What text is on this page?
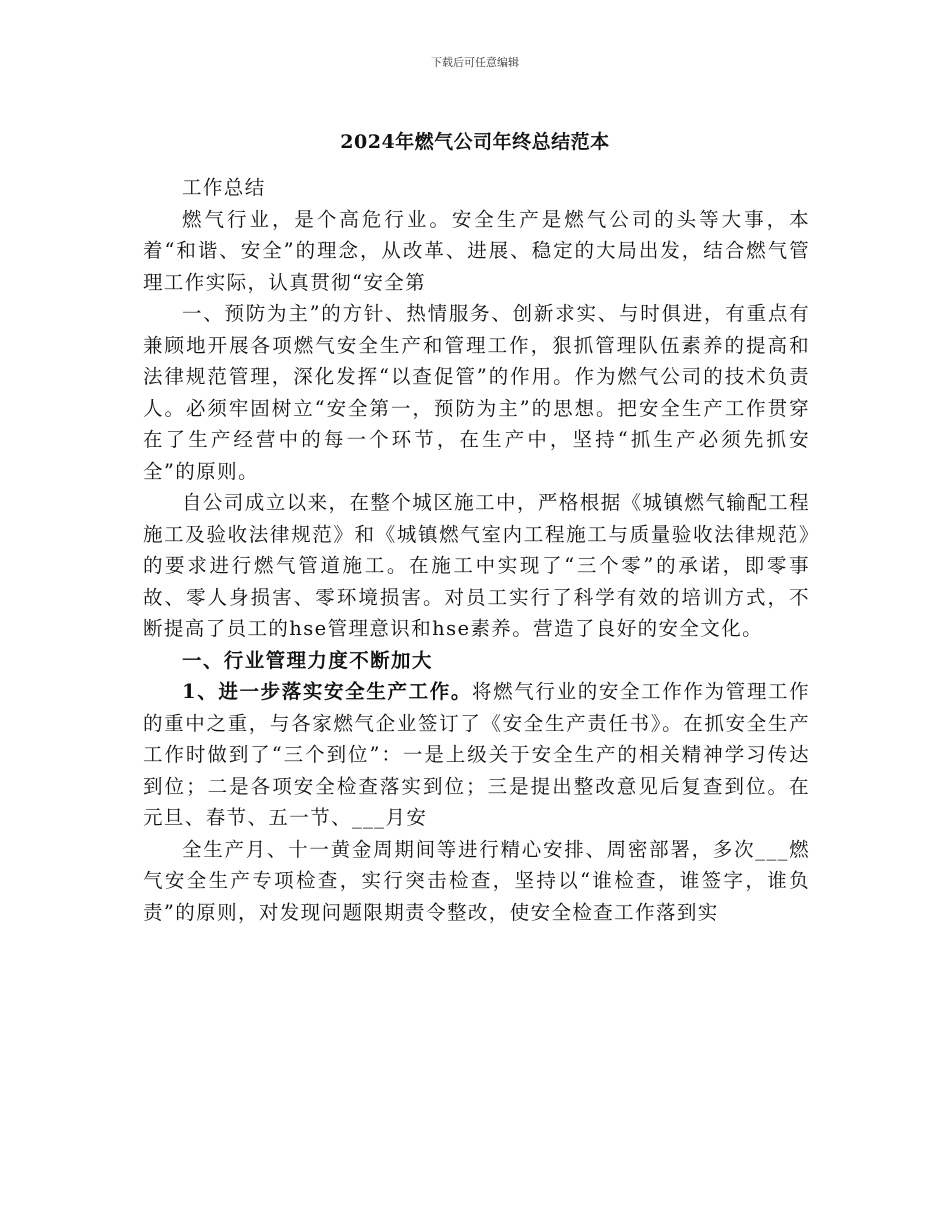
下载后可任意编辑
2024年燃气公司年终总结范本

工作总结

燃气行业，是个高危行业。安全生产是燃气公司的头等大事，本着“和谐、安全”的理念，从改革、进展、稳定的大局出发，结合燃气管理工作实际，认真贯彻“安全第

一、预防为主”的方针、热情服务、创新求实、与时俱进，有重点有兼顾地开展各项燃气安全生产和管理工作，狠抓管理队伍素养的提高和法律规范管理，深化发挥“以查促管”的作用。作为燃气公司的技术负责人。必须牢固树立“安全第一，预防为主”的思想。把安全生产工作贯穿在了生产经营中的每一个环节，在生产中，坚持“抓生产必须先抓安全”的原则。

自公司成立以来，在整个城区施工中，严格根据《城镇燃气输配工程施工及验收法律规范》和《城镇燃气室内工程施工与质量验收法律规范》的要求进行燃气管道施工。在施工中实现了“三个零”的承诺，即零事故、零人身损害、零环境损害。对员工实行了科学有效的培训方式，不断提高了员工的hse管理意识和hse素养。营造了良好的安全文化。

一、行业管理力度不断加大

1、进一步落实安全生产工作。将燃气行业的安全工作作为管理工作的重中之重，与各家燃气企业签订了《安全生产责任书》。在抓安全生产工作时做到了“三个到位”：一是上级关于安全生产的相关精神学习传达到位；二是各项安全检查落实到位；三是提出整改意见后复查到位。在元旦、春节、五一节、___月安

全生产月、十一黄金周期间等进行精心安排、周密部署，多次___燃气安全生产专项检查，实行突击检查，坚持以“谁检查，谁签字，谁负责”的原则，对发现问题限期责令整改，使安全检查工作落到实
